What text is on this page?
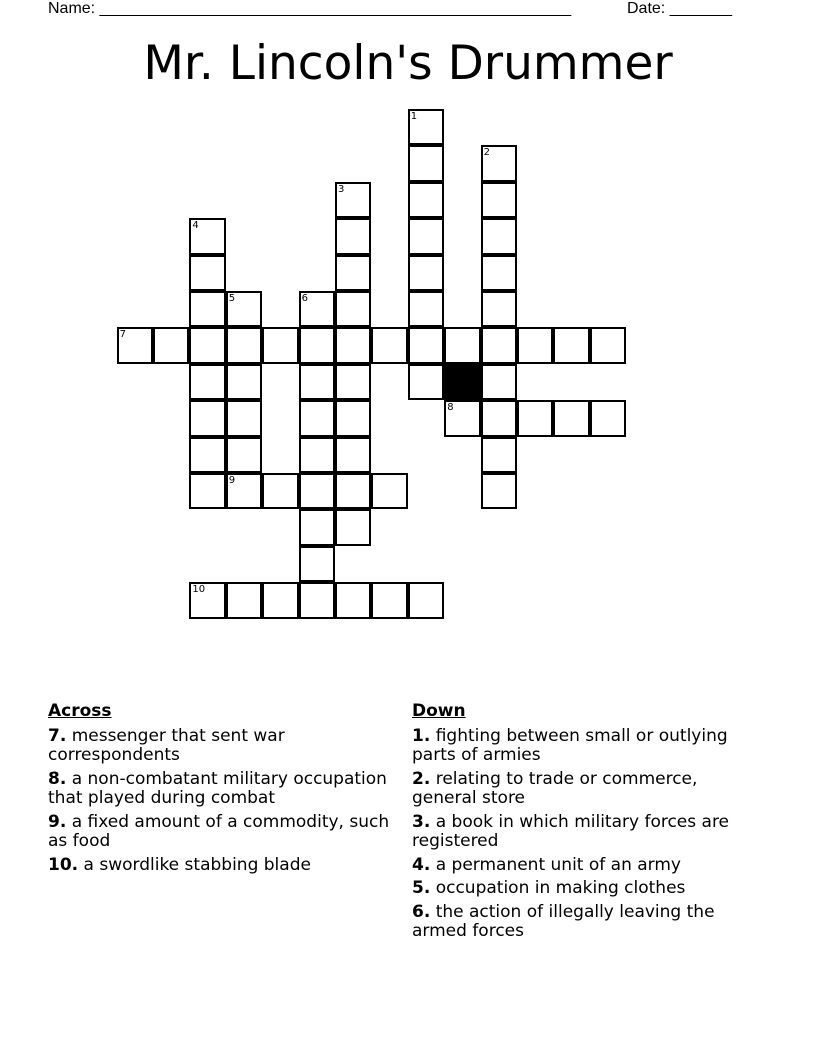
Name: _____________________________________________________

	Date: _______

Mr. Lincoln's Drummer
1
2
3
4
5	6
7
8
9
10
Across
7. messenger that sent war correspondents
8. a non-combatant military occupation that played during combat
9. a fixed amount of a commodity, such as food
10. a swordlike stabbing blade
Down
1. fighting between small or outlying parts of armies
2. relating to trade or commerce, general store
3. a book in which military forces are registered
4. a permanent unit of an army
5. occupation in making clothes
6. the action of illegally leaving the armed forces
